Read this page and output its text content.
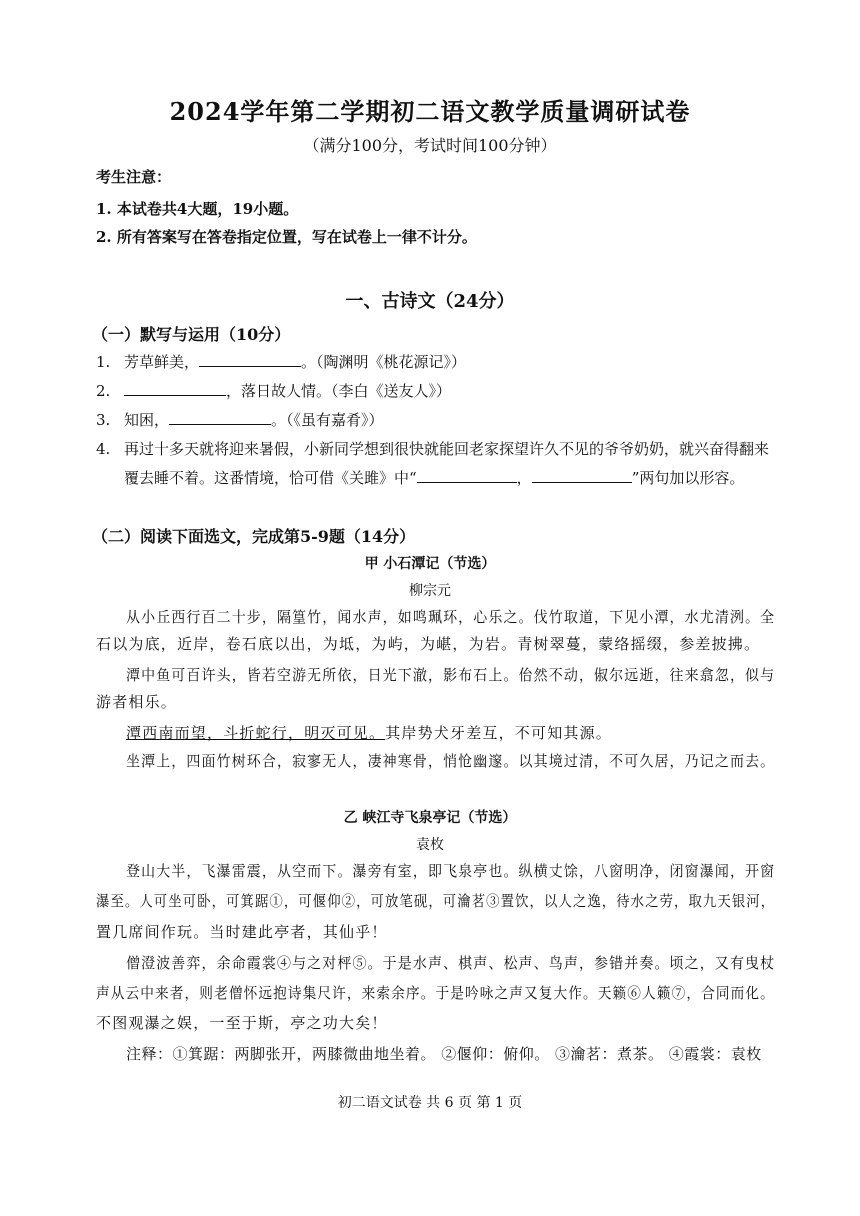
2024学年第二学期初二语文教学质量调研试卷
（满分100分，考试时间100分钟）
考生注意：
1. 本试卷共4大题，19小题。
2. 所有答案写在答卷指定位置，写在试卷上一律不计分。
一、古诗文（24分）
（一）默写与运用（10分）
1. 芳草鲜美，	。（陶渊明《桃花源记》）
2.	，落日故人情。（李白《送友人》）
3. 知困，	。（《虽有嘉肴》）
4. 再过十多天就将迎来暑假，小新同学想到很快就能回老家探望许久不见的爷爷奶奶，就兴奋得翻来
覆去睡不着。这番情境，恰可借《关雎》中“	，	”两句加以形容。
（二）阅读下面选文，完成第5-9题（14分）
甲 小石潭记（节选）
柳宗元
从小丘西行百二十步，隔篁竹，闻水声，如鸣珮环，心乐之。伐竹取道，下见小潭，水尤清洌。全
石以为底，近岸，卷石底以出，为坻，为屿，为嵁，为岩。青树翠蔓，蒙络摇缀，参差披拂。
潭中鱼可百许头，皆若空游无所依，日光下澈，影布石上。佁然不动，俶尔远逝，往来翕忽，似与
游者相乐。
潭西南而望，斗折蛇行，明灭可见。其岸势犬牙差互，不可知其源。
坐潭上，四面竹树环合，寂寥无人，凄神寒骨，悄怆幽邃。以其境过清，不可久居，乃记之而去。
乙 峡江寺飞泉亭记（节选）
袁枚
登山大半，飞瀑雷震，从空而下。瀑旁有室，即飞泉亭也。纵横丈馀，八窗明净，闭窗瀑闻，开窗
瀑至。人可坐可卧，可箕踞①，可偃仰②，可放笔砚，可瀹茗③置饮，以人之逸，待水之劳，取九天银河，
置几席间作玩。当时建此亭者，其仙乎！
僧澄波善弈，余命霞裳④与之对枰⑤。于是水声、棋声、松声、鸟声，参错并奏。顷之，又有曳杖
声从云中来者，则老僧怀远抱诗集尺许，来索余序。于是吟咏之声又复大作。天籁⑥人籁⑦，合同而化。
不图观瀑之娱，一至于斯，亭之功大矣！
注释：①箕踞：两脚张开，两膝微曲地坐着。 ②偃仰：俯仰。 ③瀹茗：煮茶。 ④霞裳：袁枚
初二语文试卷 共 6 页 第 1 页
